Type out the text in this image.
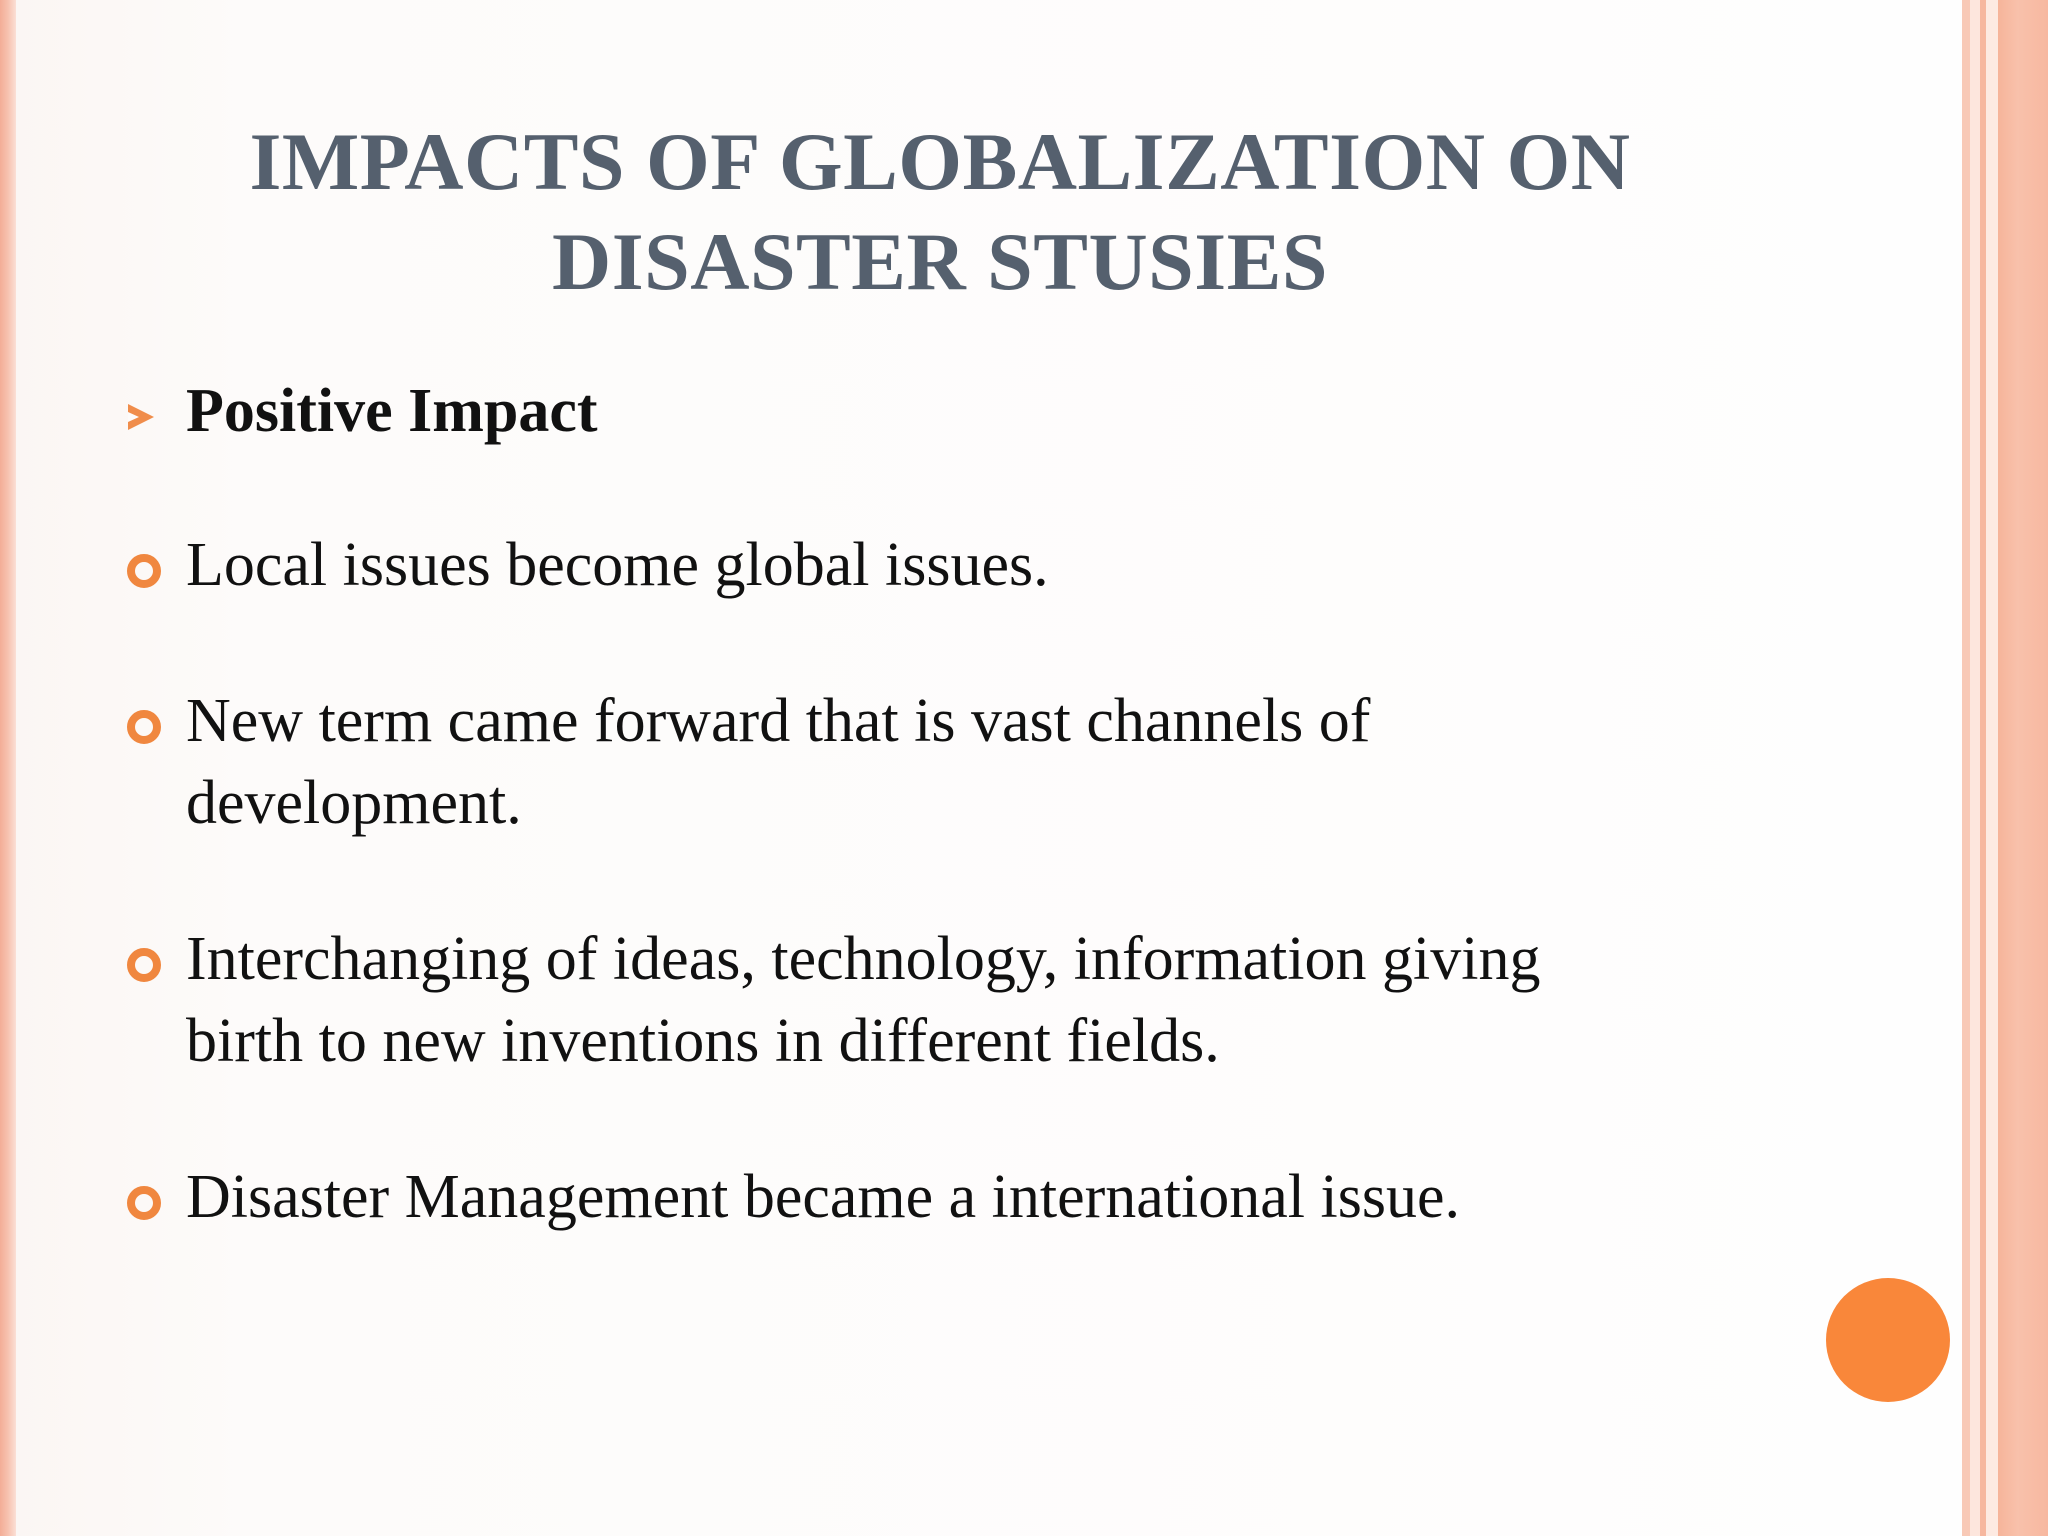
IMPACTS OF GLOBALIZATION ON
DISASTER STUSIES
Positive Impact
Local issues become global issues.
New term came forward that is vast channels of
development.
Interchanging of ideas, technology, information giving
birth to new inventions in different fields.
Disaster Management became a international issue.
